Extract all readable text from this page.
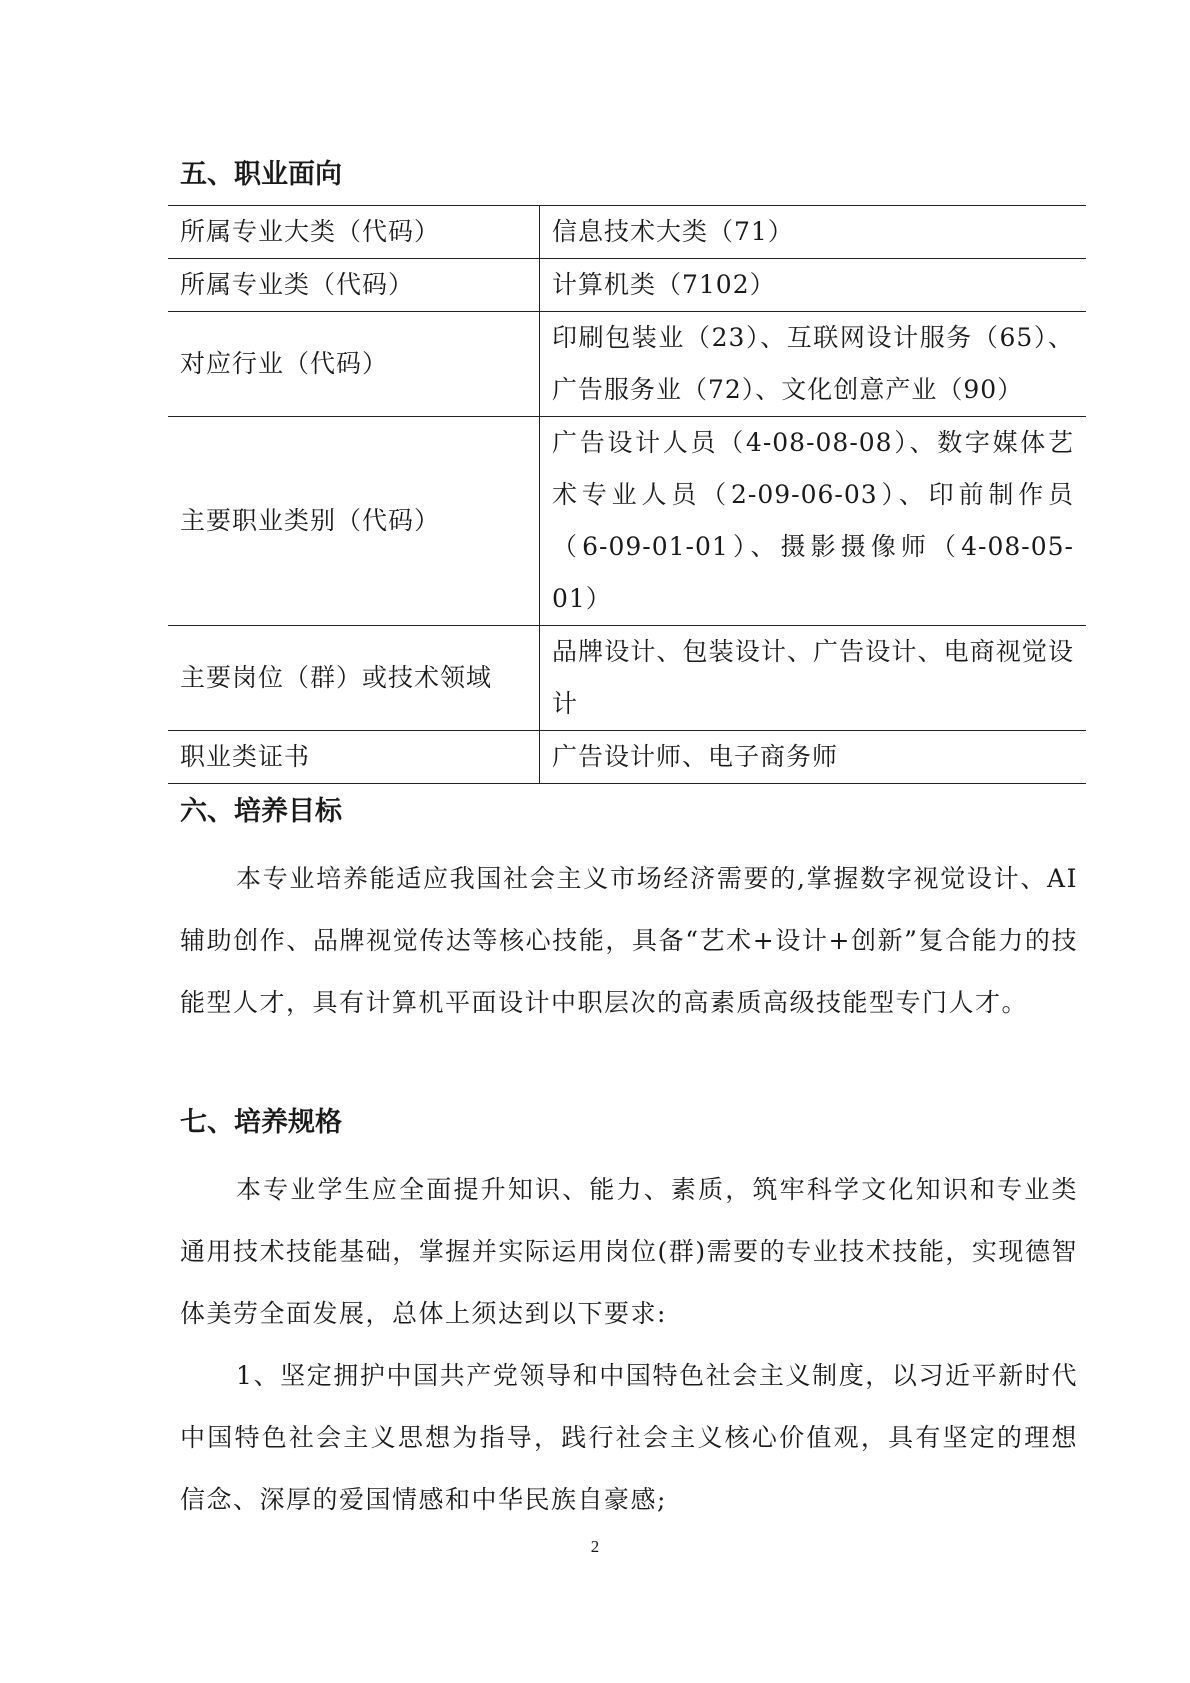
五、职业面向
所属专业大类（代码）	信息技术大类（71）
所属专业类（代码）	计算机类（7102）
对应行业（代码）	印刷包装业（23）、互联网设计服务（65）、广告服务业（72）、文化创意产业（90）
主要职业类别（代码）	广告设计人员（4-08-08-08）、数字媒体艺术专业人员（2-09-06-03）、印前制作员（6-09-01-01）、摄影摄像师（4-08-05-01）
主要岗位（群）或技术领域	品牌设计、包装设计、广告设计、电商视觉设计
职业类证书	广告设计师、电子商务师
六、培养目标

本专业培养能适应我国社会主义市场经济需要的,掌握数字视觉设计、AI辅助创作、品牌视觉传达等核心技能，具备“艺术+设计+创新”复合能力的技能型人才，具有计算机平面设计中职层次的高素质高级技能型专门人才。

七、培养规格

本专业学生应全面提升知识、能力、素质，筑牢科学文化知识和专业类通用技术技能基础，掌握并实际运用岗位(群)需要的专业技术技能，实现德智体美劳全面发展，总体上须达到以下要求:

1、坚定拥护中国共产党领导和中国特色社会主义制度，以习近平新时代中国特色社会主义思想为指导，践行社会主义核心价值观，具有坚定的理想信念、深厚的爱国情感和中华民族自豪感;

2
